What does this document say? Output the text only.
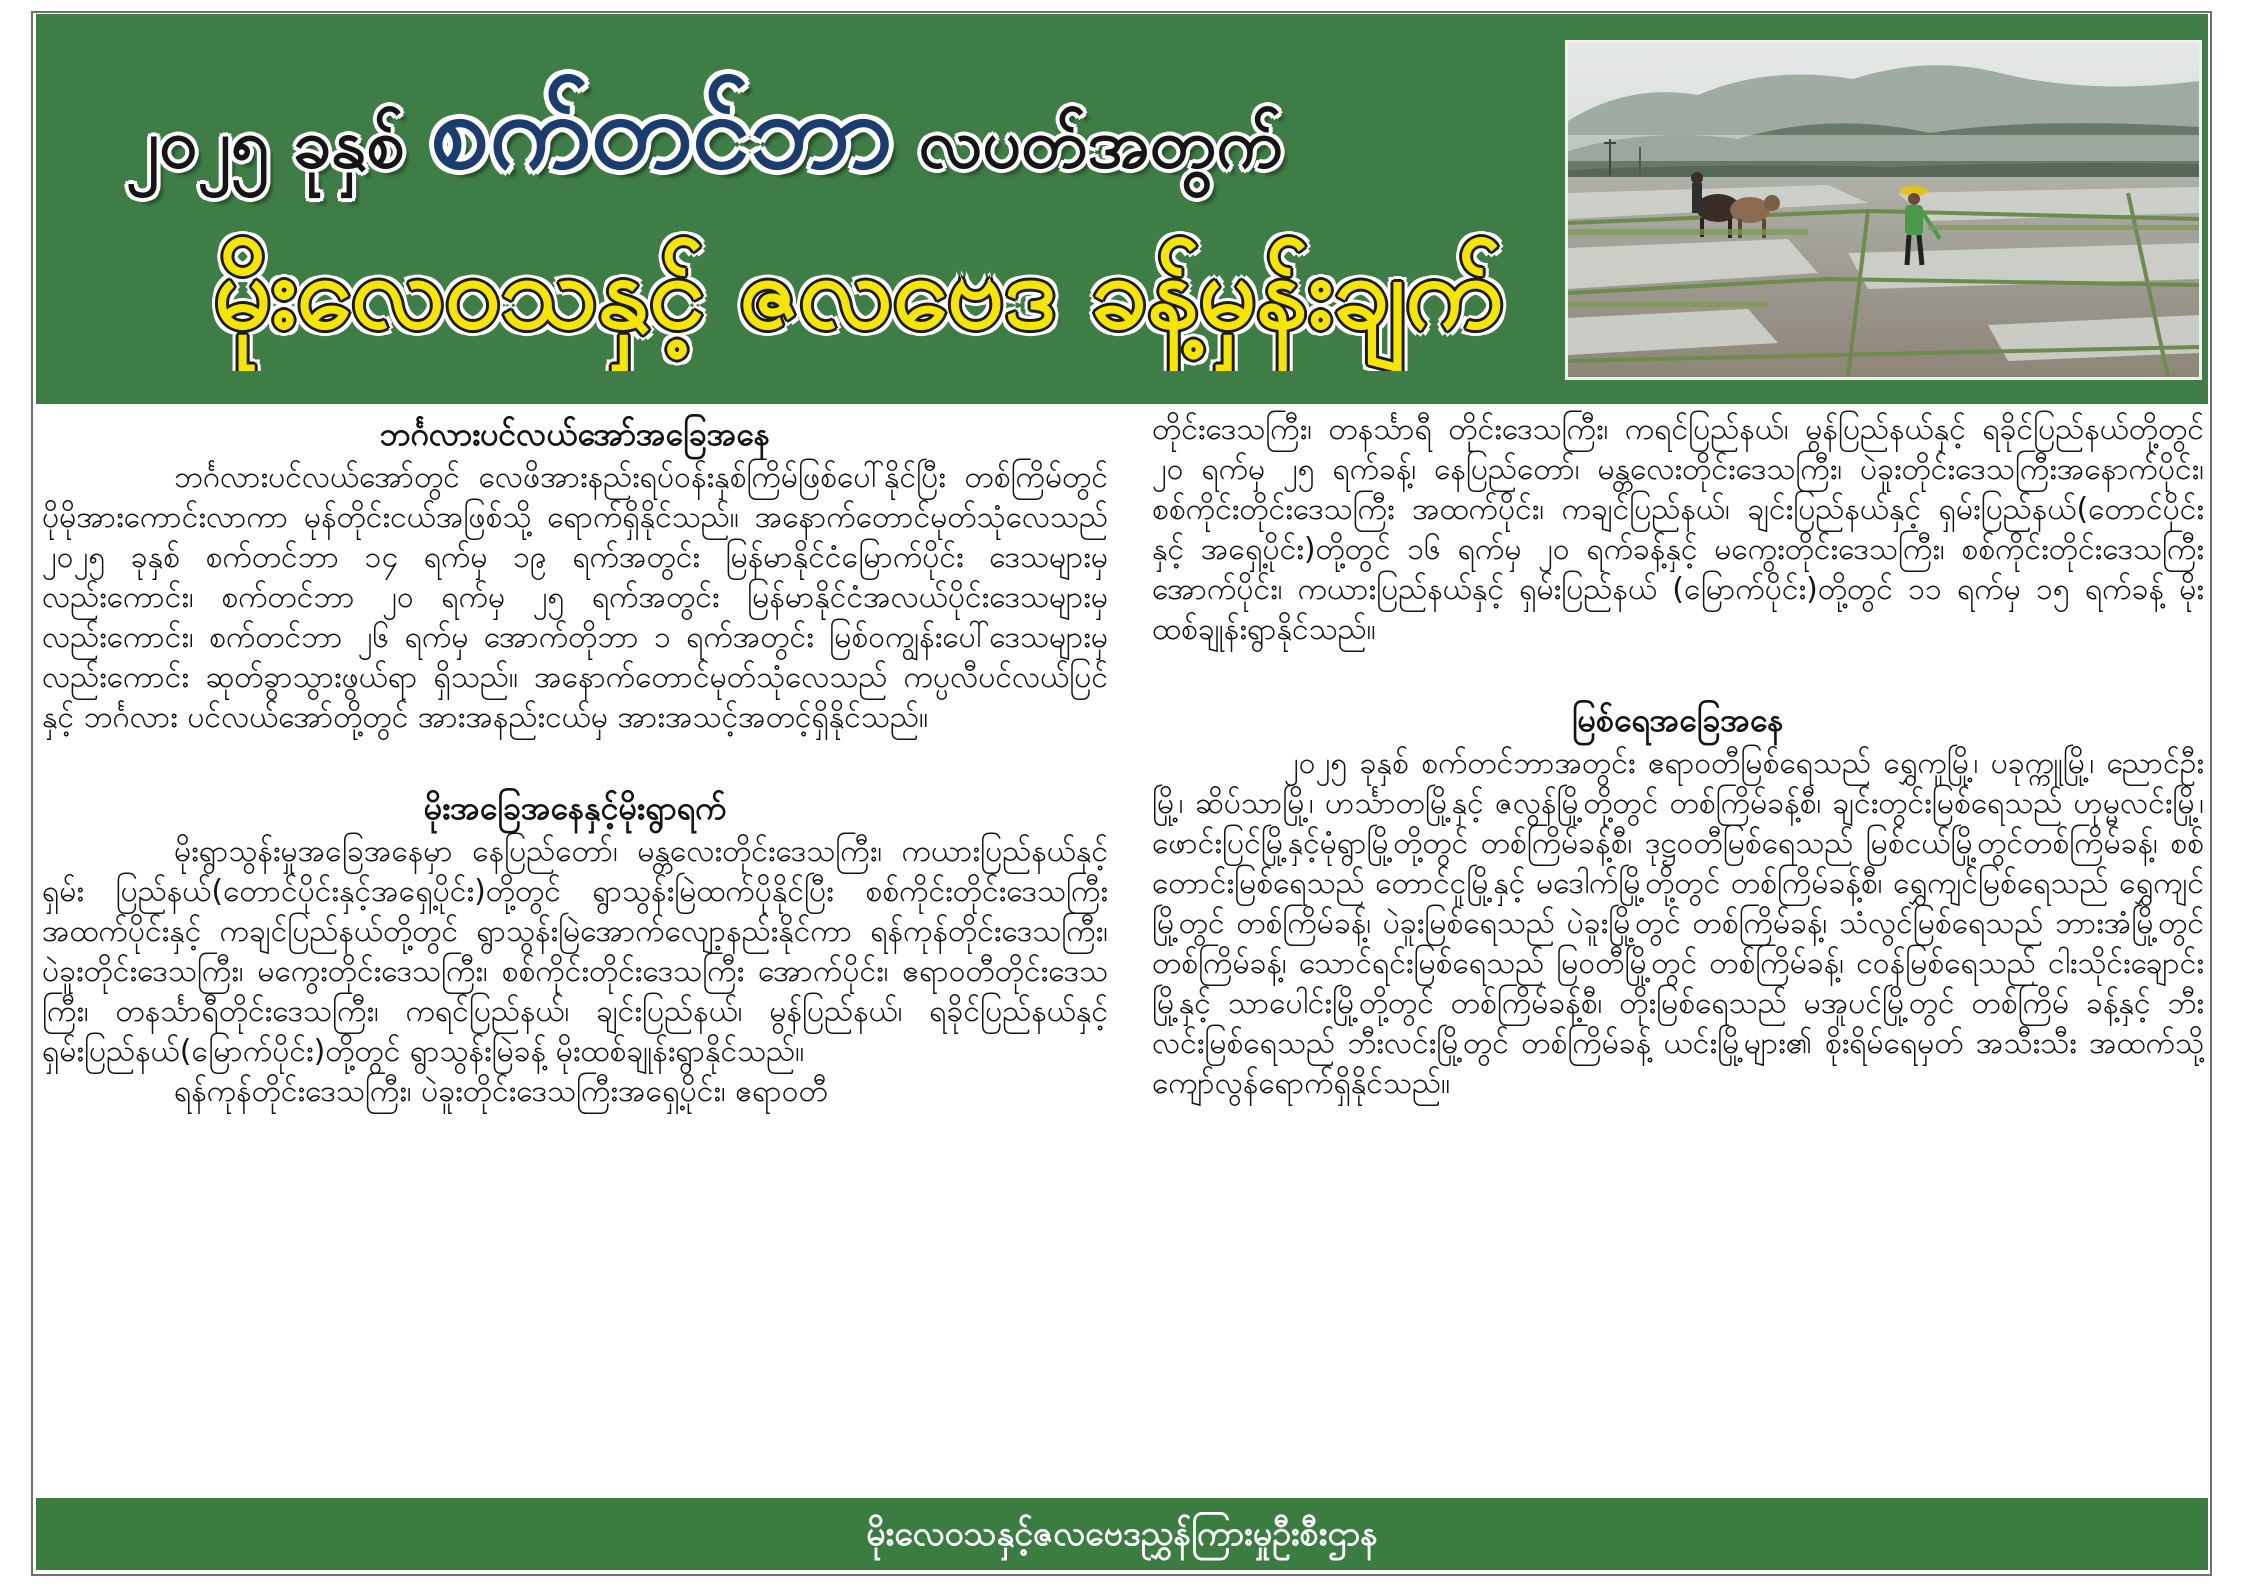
၂၀၂၅ ခုနှစ် စက်တင်ဘာ လပတ်အတွက်
မိုးလေဝသနှင့် ဇလဗေဒ ခန့်မှန်းချက်
ဘင်္ဂလားပင်လယ်အော်အခြေအနေ

ဘင်္ဂလားပင်လယ်အော်တွင် လေဖိအားနည်းရပ်ဝန်းနှစ်ကြိမ်ဖြစ်ပေါ်နိုင်ပြီး တစ်ကြိမ်တွင် ပိုမိုအားကောင်းလာကာ မုန်တိုင်းငယ်အဖြစ်သို့ ရောက်ရှိနိုင်သည်။ အနောက်တောင်မုတ်သုံလေသည် ၂၀၂၅ ခုနှစ် စက်တင်ဘာ ၁၄ ရက်မှ ၁၉ ရက်အတွင်း မြန်မာနိုင်ငံမြောက်ပိုင်း ဒေသများမှလည်းကောင်း၊ စက်တင်ဘာ ၂၀ ရက်မှ ၂၅ ရက်အတွင်း မြန်မာနိုင်ငံအလယ်ပိုင်းဒေသများမှလည်းကောင်း၊ စက်တင်ဘာ ၂၆ ရက်မှ အောက်တိုဘာ ၁ ရက်အတွင်း မြစ်ဝကျွန်းပေါ်ဒေသများမှလည်းကောင်း ဆုတ်ခွာသွားဖွယ်ရာ ရှိသည်။ အနောက်တောင်မုတ်သုံလေသည် ကပ္ပလီပင်လယ်ပြင်နှင့် ဘင်္ဂလား ပင်လယ်အော်တို့တွင် အားအနည်းငယ်မှ အားအသင့်အတင့်ရှိနိုင်သည်။

မိုးအခြေအနေနှင့်မိုးရွာရက်

မိုးရွာသွန်းမှုအခြေအနေမှာ နေပြည်တော်၊ မန္တလေးတိုင်းဒေသကြီး၊ ကယားပြည်နယ်နှင့် ရှမ်း ပြည်နယ်(တောင်ပိုင်းနှင့်အရှေ့ပိုင်း)တို့တွင် ရွာသွန်းမြဲထက်ပိုနိုင်ပြီး စစ်ကိုင်းတိုင်းဒေသကြီး အထက်ပိုင်းနှင့် ကချင်ပြည်နယ်တို့တွင် ရွာသွန်းမြဲအောက်လျော့နည်းနိုင်ကာ ရန်ကုန်တိုင်းဒေသကြီး၊ ပဲခူးတိုင်းဒေသကြီး၊ မကွေးတိုင်းဒေသကြီး၊ စစ်ကိုင်းတိုင်းဒေသကြီး အောက်ပိုင်း၊ ဧရာဝတီတိုင်းဒေသကြီး၊ တနင်္သာရီတိုင်းဒေသကြီး၊ ကရင်ပြည်နယ်၊ ချင်းပြည်နယ်၊ မွန်ပြည်နယ်၊ ရခိုင်ပြည်နယ်နှင့် ရှမ်းပြည်နယ်(မြောက်ပိုင်း)တို့တွင် ရွာသွန်းမြဲခန့် မိုးထစ်ချုန်းရွာနိုင်သည်။

ရန်ကုန်တိုင်းဒေသကြီး၊ ပဲခူးတိုင်းဒေသကြီးအရှေ့ပိုင်း၊ ဧရာဝတီ

တိုင်းဒေသကြီး၊ တနင်္သာရီ တိုင်းဒေသကြီး၊ ကရင်ပြည်နယ်၊ မွန်ပြည်နယ်နှင့် ရခိုင်ပြည်နယ်တို့တွင် ၂၀ ရက်မှ ၂၅ ရက်ခန့်၊ နေပြည်တော်၊ မန္တလေးတိုင်းဒေသကြီး၊ ပဲခူးတိုင်းဒေသကြီးအနောက်ပိုင်း၊ စစ်ကိုင်းတိုင်းဒေသကြီး အထက်ပိုင်း၊ ကချင်ပြည်နယ်၊ ချင်းပြည်နယ်နှင့် ရှမ်းပြည်နယ်(တောင်ပိုင်း နှင့် အရှေ့ပိုင်း)တို့တွင် ၁၆ ရက်မှ ၂၀ ရက်ခန့်နှင့် မကွေးတိုင်းဒေသကြီး၊ စစ်ကိုင်းတိုင်းဒေသကြီးအောက်ပိုင်း၊ ကယားပြည်နယ်နှင့် ရှမ်းပြည်နယ် (မြောက်ပိုင်း)တို့တွင် ၁၁ ရက်မှ ၁၅ ရက်ခန့် မိုးထစ်ချုန်းရွာနိုင်သည်။

မြစ်ရေအခြေအနေ

၂၀၂၅ ခုနှစ် စက်တင်ဘာအတွင်း ဧရာဝတီမြစ်ရေသည် ရွှေကူမြို့၊ ပခုက္ကူမြို့၊ ညောင်ဦးမြို့၊ ဆိပ်သာမြို့၊ ဟင်္သာတမြို့နှင့် ဇလွန်မြို့တို့တွင် တစ်ကြိမ်ခန့်စီ၊ ချင်းတွင်းမြစ်ရေသည် ဟုမ္မလင်းမြို့၊ ဖောင်းပြင်မြို့နှင့်မုံရွာမြို့တို့တွင် တစ်ကြိမ်ခန့်စီ၊ ဒုဋ္ဌဝတီမြစ်ရေသည် မြစ်ငယ်မြို့တွင်တစ်ကြိမ်ခန့်၊ စစ်တောင်းမြစ်ရေသည် တောင်ငူမြို့နှင့် မဒေါက်မြို့တို့တွင် တစ်ကြိမ်ခန့်စီ၊ ရွှေကျင်မြစ်ရေသည် ရွှေကျင်မြို့တွင် တစ်ကြိမ်ခန့်၊ ပဲခူးမြစ်ရေသည် ပဲခူးမြို့တွင် တစ်ကြိမ်ခန့်၊ သံလွင်မြစ်ရေသည် ဘားအံမြို့တွင် တစ်ကြိမ်ခန့်၊ သောင်ရင်းမြစ်ရေသည် မြဝတီမြို့တွင် တစ်ကြိမ်ခန့်၊ ငဝန်မြစ်ရေသည် ငါးသိုင်းချောင်းမြို့နှင့် သာပေါင်းမြို့တို့တွင် တစ်ကြိမ်ခန့်စီ၊ တိုးမြစ်ရေသည် မအူပင်မြို့တွင် တစ်ကြိမ် ခန့်နှင့် ဘီးလင်းမြစ်ရေသည် ဘီးလင်းမြို့တွင် တစ်ကြိမ်ခန့် ယင်းမြို့များ၏ စိုးရိမ်ရေမှတ် အသီးသီး အထက်သို့ ကျော်လွန်ရောက်ရှိနိုင်သည်။

မိုးလေဝသနှင့်ဇလဗေဒညွှန်ကြားမှုဦးစီးဌာန
